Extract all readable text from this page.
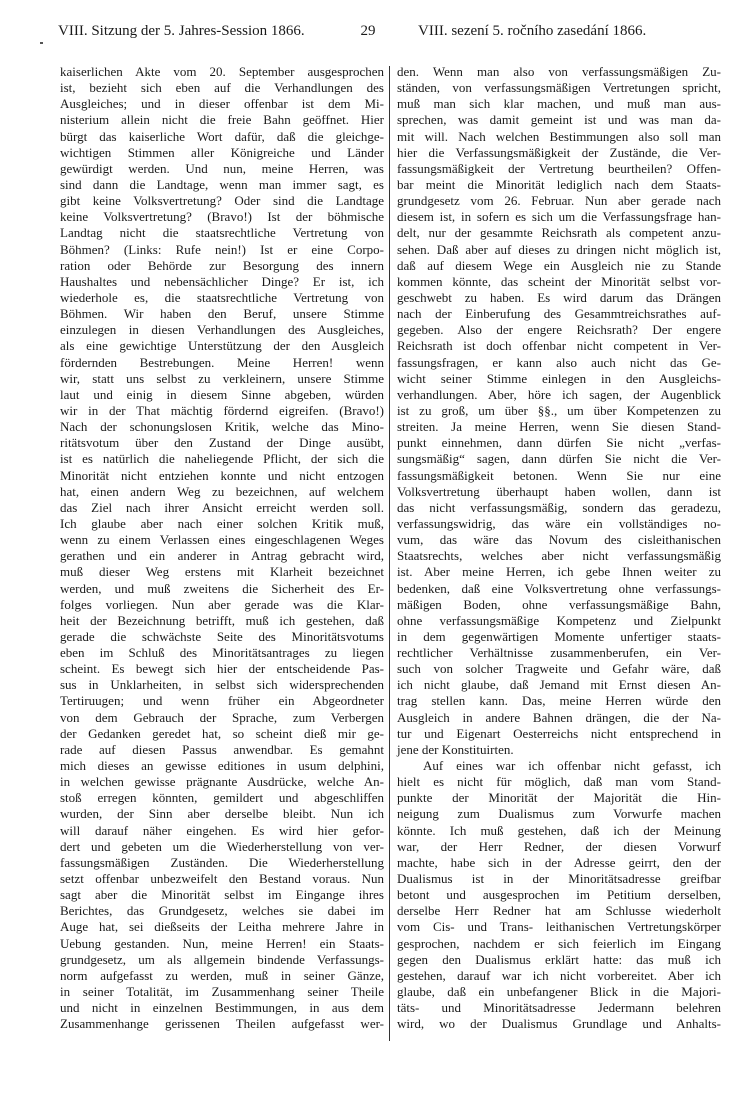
VIII. Sitzung der 5. Jahres-Session 1866.	29	VIII. sezení 5. ročního zasedání 1866.
kaiserlichen Akte vom 20. September ausgesprochen
ist, bezieht sich eben auf die Verhandlungen des
Ausgleiches; und in dieser offenbar ist dem Mi-
nisterium allein nicht die freie Bahn geöffnet. Hier
bürgt das kaiserliche Wort dafür, daß die gleichge-
wichtigen Stimmen aller Königreiche und Länder
gewürdigt werden. Und nun, meine Herren, was
sind dann die Landtage, wenn man immer sagt, es
gibt keine Volksvertretung? Oder sind die Landtage
keine Volksvertretung? (Bravo!) Ist der böhmische
Landtag nicht die staatsrechtliche Vertretung von
Böhmen? (Links: Rufe nein!) Ist er eine Corpo-
ration oder Behörde zur Besorgung des innern
Haushaltes und nebensächlicher Dinge? Er ist, ich
wiederhole es, die staatsrechtliche Vertretung von
Böhmen. Wir haben den Beruf, unsere Stimme
einzulegen in diesen Verhandlungen des Ausgleiches,
als eine gewichtige Unterstützung der den Ausgleich
fördernden Bestrebungen. Meine Herren! wenn
wir, statt uns selbst zu verkleinern, unsere Stimme
laut und einig in diesem Sinne abgeben, würden
wir in der That mächtig fördernd eigreifen. (Bravo!)
Nach der schonungslosen Kritik, welche das Mino-
ritätsvotum über den Zustand der Dinge ausübt,
ist es natürlich die naheliegende Pflicht, der sich die
Minorität nicht entziehen konnte und nicht entzogen
hat, einen andern Weg zu bezeichnen, auf welchem
das Ziel nach ihrer Ansicht erreicht werden soll.
Ich glaube aber nach einer solchen Kritik muß,
wenn zu einem Verlassen eines eingeschlagenen Weges
gerathen und ein anderer in Antrag gebracht wird,
muß dieser Weg erstens mit Klarheit bezeichnet
werden, und muß zweitens die Sicherheit des Er-
folges vorliegen. Nun aber gerade was die Klar-
heit der Bezeichnung betrifft, muß ich gestehen, daß
gerade die schwächste Seite des Minoritätsvotums
eben im Schluß des Minoritätsantrages zu liegen
scheint. Es bewegt sich hier der entscheidende Pas-
sus in Unklarheiten, in selbst sich widersprechenden
Tertiruugen; und wenn früher ein Abgeordneter
von dem Gebrauch der Sprache, zum Verbergen
der Gedanken geredet hat, so scheint dieß mir ge-
rade auf diesen Passus anwendbar. Es gemahnt
mich dieses an gewisse editiones in usum delphini,
in welchen gewisse prägnante Ausdrücke, welche An-
stoß erregen könnten, gemildert und abgeschliffen
wurden, der Sinn aber derselbe bleibt. Nun ich
will darauf näher eingehen. Es wird hier gefor-
dert und gebeten um die Wiederherstellung von ver-
fassungsmäßigen Zuständen. Die Wiederherstellung
setzt offenbar unbezweifelt den Bestand voraus. Nun
sagt aber die Minorität selbst im Eingange ihres
Berichtes, das Grundgesetz, welches sie dabei im
Auge hat, sei dießseits der Leitha mehrere Jahre in
Uebung gestanden. Nun, meine Herren! ein Staats-
grundgesetz, um als allgemein bindende Verfassungs-
norm aufgefasst zu werden, muß in seiner Gänze,
in seiner Totalität, im Zusammenhang seiner Theile
und nicht in einzelnen Bestimmungen, in aus dem
Zusammenhange gerissenen Theilen aufgefasst wer-
den. Wenn man also von verfassungsmäßigen Zu-
ständen, von verfassungsmäßigen Vertretungen spricht,
muß man sich klar machen, und muß man aus-
sprechen, was damit gemeint ist und was man da-
mit will. Nach welchen Bestimmungen also soll man
hier die Verfassungsmäßigkeit der Zustände, die Ver-
fassungsmäßigkeit der Vertretung beurtheilen? Offen-
bar meint die Minorität lediglich nach dem Staats-
grundgesetz vom 26. Februar. Nun aber gerade nach
diesem ist, in sofern es sich um die Verfassungsfrage han-
delt, nur der gesammte Reichsrath als competent anzu-
sehen. Daß aber auf dieses zu dringen nicht möglich ist,
daß auf diesem Wege ein Ausgleich nie zu Stande
kommen könnte, das scheint der Minorität selbst vor-
geschwebt zu haben. Es wird darum das Drängen
nach der Einberufung des Gesammtreichsrathes auf-
gegeben. Also der engere Reichsrath? Der engere
Reichsrath ist doch offenbar nicht competent in Ver-
fassungsfragen, er kann also auch nicht das Ge-
wicht seiner Stimme einlegen in den Ausgleichs-
verhandlungen. Aber, höre ich sagen, der Augenblick
ist zu groß, um über §§., um über Kompetenzen zu
streiten. Ja meine Herren, wenn Sie diesen Stand-
punkt einnehmen, dann dürfen Sie nicht „verfas-
sungsmäßig“ sagen, dann dürfen Sie nicht die Ver-
fassungsmäßigkeit betonen. Wenn Sie nur eine
Volksvertretung überhaupt haben wollen, dann ist
das nicht verfassungsmäßig, sondern das geradezu,
verfassungswidrig, das wäre ein vollständiges no-
vum, das wäre das Novum des cisleithanischen
Staatsrechts, welches aber nicht verfassungsmäßig
ist. Aber meine Herren, ich gebe Ihnen weiter zu
bedenken, daß eine Volksvertretung ohne verfassungs-
mäßigen Boden, ohne verfassungsmäßige Bahn,
ohne verfassungsmäßige Kompetenz und Zielpunkt
in dem gegenwärtigen Momente unfertiger staats-
rechtlicher Verhältnisse zusammenberufen, ein Ver-
such von solcher Tragweite und Gefahr wäre, daß
ich nicht glaube, daß Jemand mit Ernst diesen An-
trag stellen kann. Das, meine Herren würde den
Ausgleich in andere Bahnen drängen, die der Na-
tur und Eigenart Oesterreichs nicht entsprechend in
jene der Konstituirten.
Auf eines war ich offenbar nicht gefasst, ich
hielt es nicht für möglich, daß man vom Stand-
punkte der Minorität der Majorität die Hin-
neigung zum Dualismus zum Vorwurfe machen
könnte. Ich muß gestehen, daß ich der Meinung
war, der Herr Redner, der diesen Vorwurf
machte, habe sich in der Adresse geirrt, den der
Dualismus ist in der Minoritätsadresse greifbar
betont und ausgesprochen im Petitium derselben,
derselbe Herr Redner hat am Schlusse wiederholt
vom Cis- und Trans- leithanischen Vertretungskörper
gesprochen, nachdem er sich feierlich im Eingang
gegen den Dualismus erklärt hatte: das muß ich
gestehen, darauf war ich nicht vorbereitet. Aber ich
glaube, daß ein unbefangener Blick in die Majori-
täts- und Minoritätsadresse Jedermann belehren
wird, wo der Dualismus Grundlage und Anhalts-
